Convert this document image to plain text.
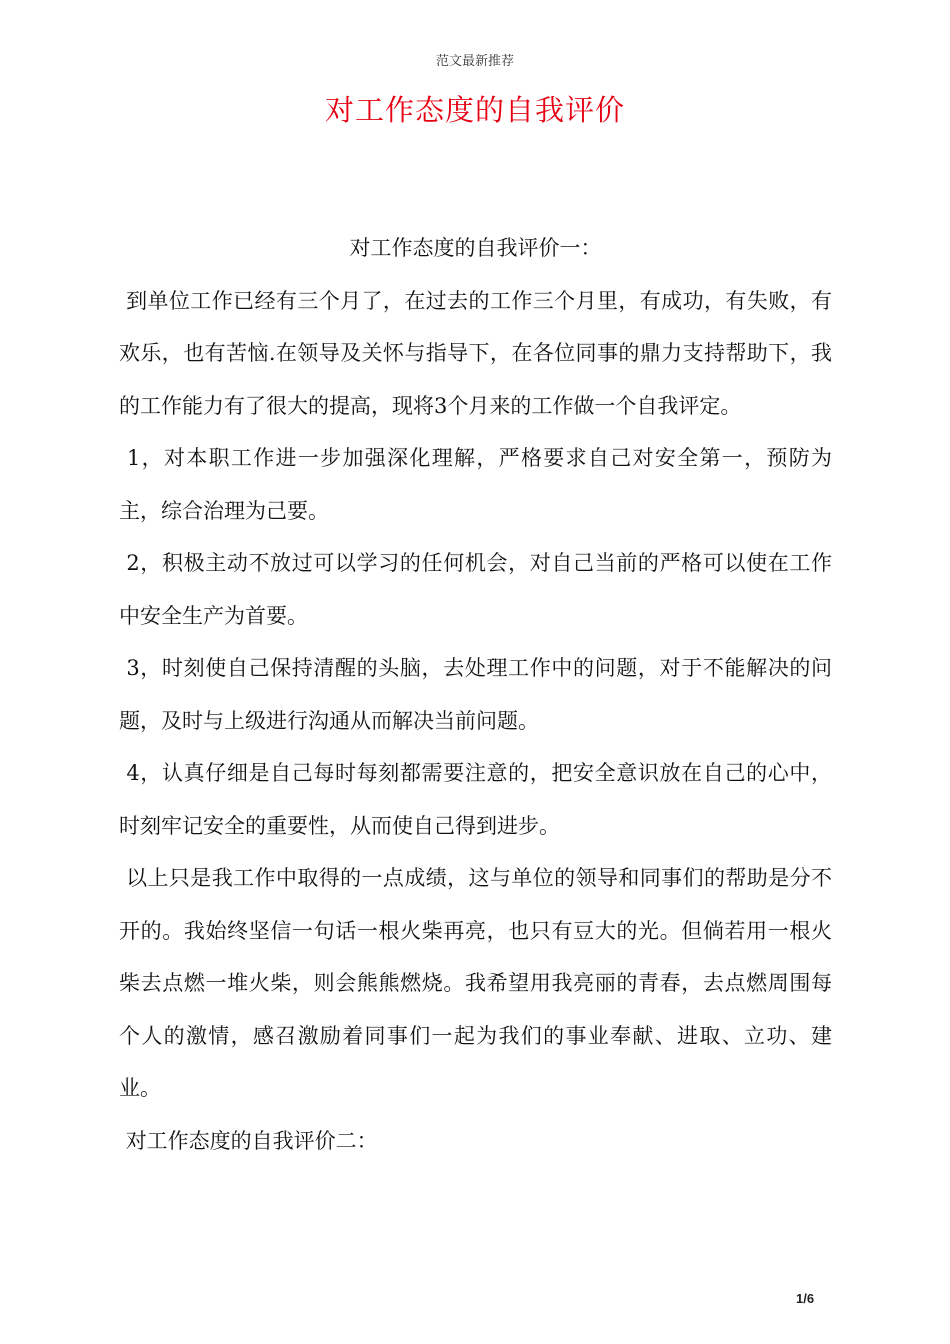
范文最新推荐
对工作态度的自我评价

对工作态度的自我评价一：

到单位工作已经有三个月了，在过去的工作三个月里，有成功，有失败，有欢乐，也有苦恼.在领导及关怀与指导下，在各位同事的鼎力支持帮助下，我的工作能力有了很大的提高，现将3个月来的工作做一个自我评定。

1，对本职工作进一步加强深化理解，严格要求自己对安全第一，预防为主，综合治理为己要。

2，积极主动不放过可以学习的任何机会，对自己当前的严格可以使在工作中安全生产为首要。

3，时刻使自己保持清醒的头脑，去处理工作中的问题，对于不能解决的问题，及时与上级进行沟通从而解决当前问题。

4，认真仔细是自己每时每刻都需要注意的，把安全意识放在自己的心中，时刻牢记安全的重要性，从而使自己得到进步。

以上只是我工作中取得的一点成绩，这与单位的领导和同事们的帮助是分不开的。我始终坚信一句话一根火柴再亮，也只有豆大的光。但倘若用一根火柴去点燃一堆火柴，则会熊熊燃烧。我希望用我亮丽的青春，去点燃周围每个人的激情，感召激励着同事们一起为我们的事业奉献、进取、立功、建业。

对工作态度的自我评价二：

1/6
